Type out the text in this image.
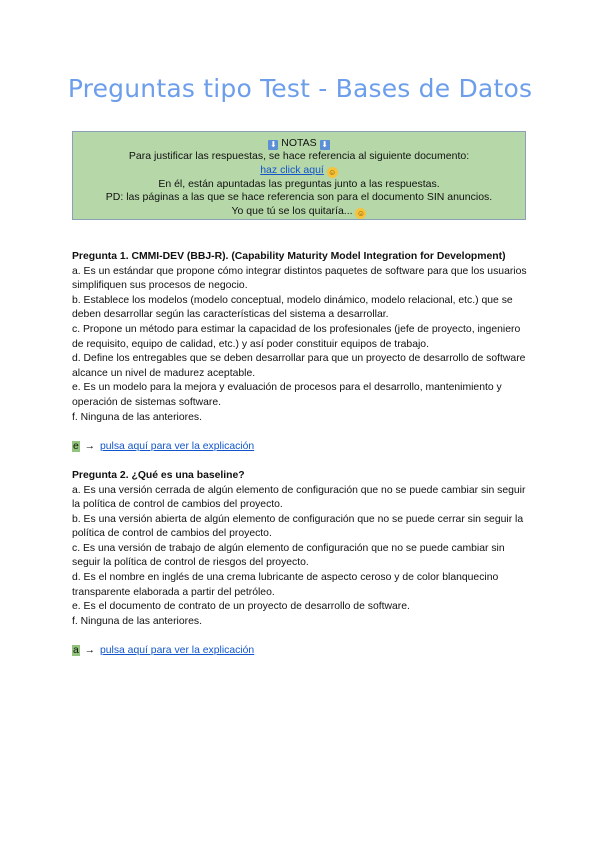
Preguntas tipo Test - Bases de Datos
⬇ NOTAS ⬇
Para justificar las respuestas, se hace referencia al siguiente documento:
haz click aquí ☺
En él, están apuntadas las preguntas junto a las respuestas.
PD: las páginas a las que se hace referencia son para el documento SIN anuncios.
Yo que tú se los quitaría... ☺
Pregunta 1. CMMI-DEV (BBJ-R). (Capability Maturity Model Integration for Development)
a. Es un estándar que propone cómo integrar distintos paquetes de software para que los usuarios simplifiquen sus procesos de negocio.
b. Establece los modelos (modelo conceptual, modelo dinámico, modelo relacional, etc.) que se deben desarrollar según las características del sistema a desarrollar.
c. Propone un método para estimar la capacidad de los profesionales (jefe de proyecto, ingeniero de requisito, equipo de calidad, etc.) y así poder constituir equipos de trabajo.
d. Define los entregables que se deben desarrollar para que un proyecto de desarrollo de software alcance un nivel de madurez aceptable.
e. Es un modelo para la mejora y evaluación de procesos para el desarrollo, mantenimiento y operación de sistemas software.
f. Ninguna de las anteriores.
e → pulsa aquí para ver la explicación
Pregunta 2. ¿Qué es una baseline?
a. Es una versión cerrada de algún elemento de configuración que no se puede cambiar sin seguir la política de control de cambios del proyecto.
b. Es una versión abierta de algún elemento de configuración que no se puede cerrar sin seguir la política de control de cambios del proyecto.
c. Es una versión de trabajo de algún elemento de configuración que no se puede cambiar sin seguir la política de control de riesgos del proyecto.
d. Es el nombre en inglés de una crema lubricante de aspecto ceroso y de color blanquecino transparente elaborada a partir del petróleo.
e. Es el documento de contrato de un proyecto de desarrollo de software.
f. Ninguna de las anteriores.
a → pulsa aquí para ver la explicación
